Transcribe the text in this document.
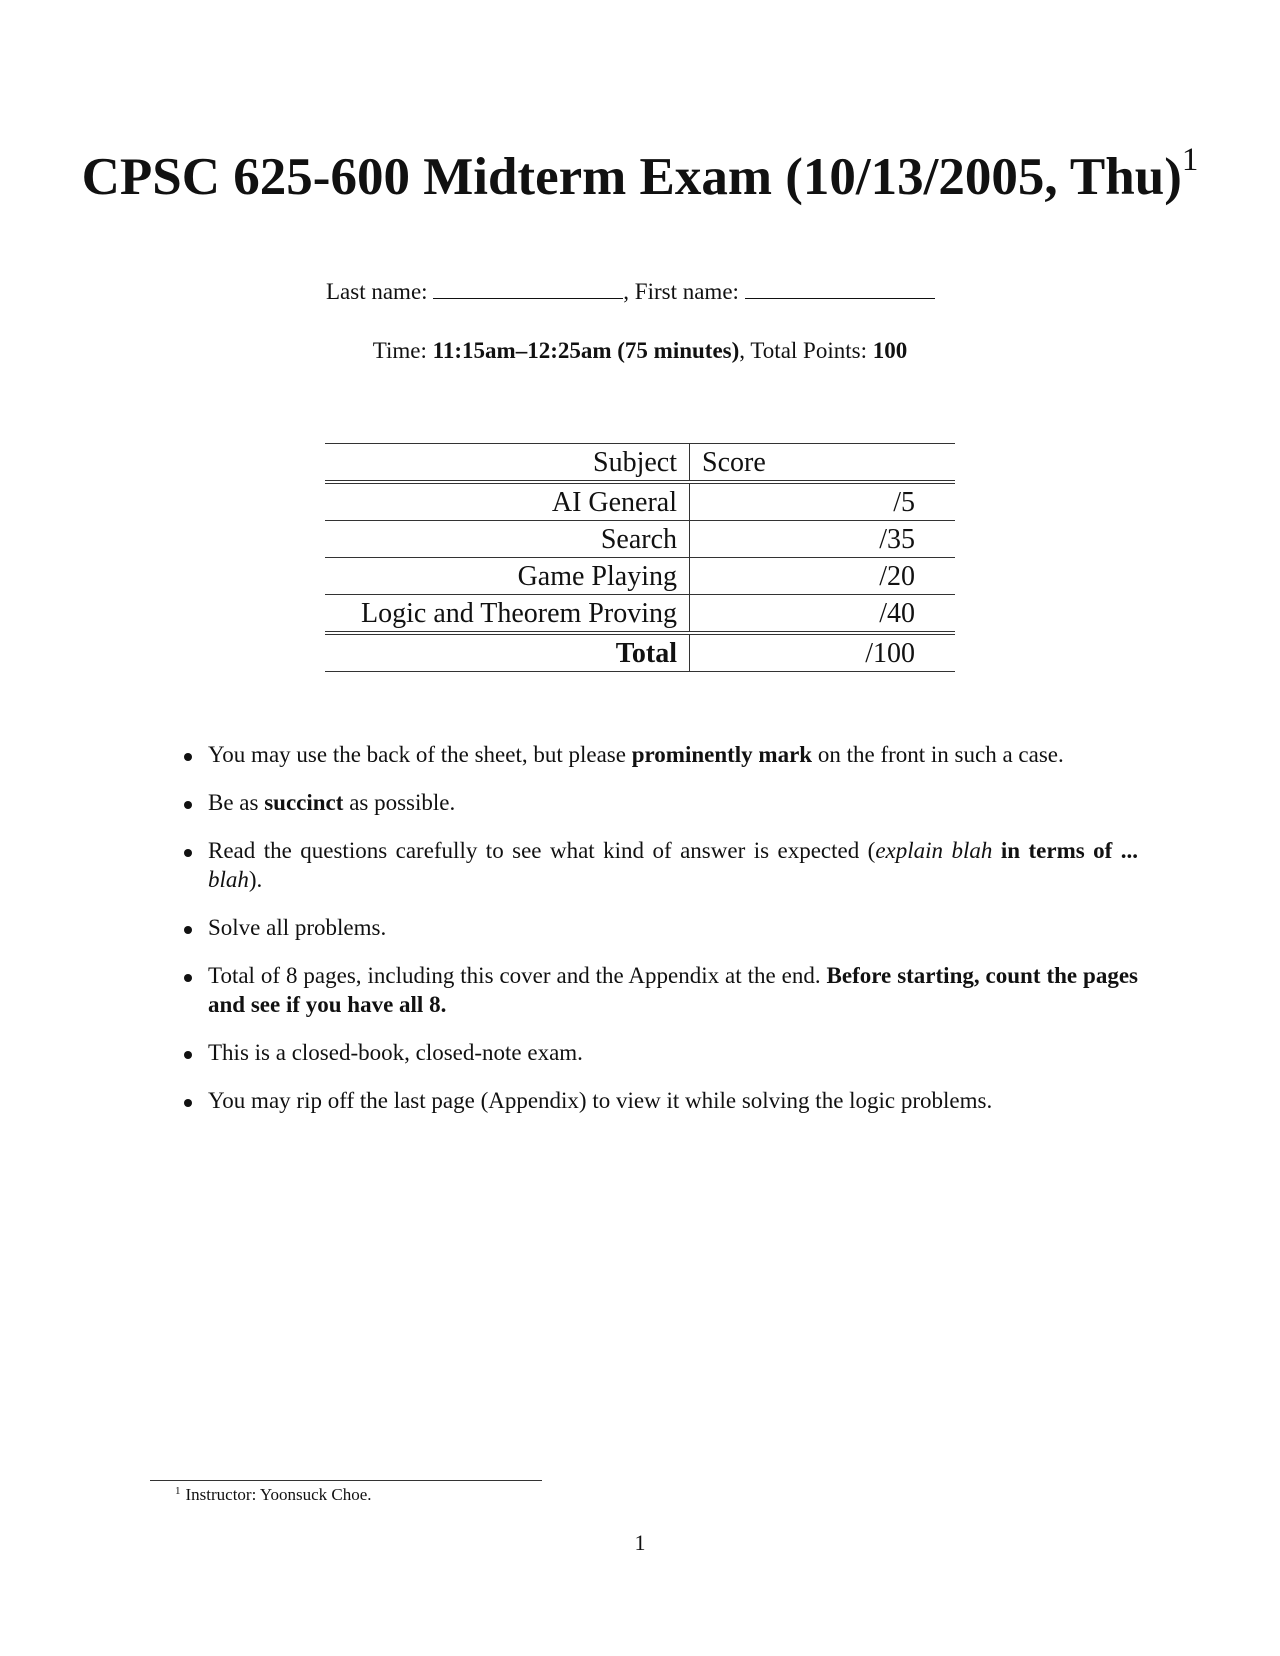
CPSC 625-600 Midterm Exam (10/13/2005, Thu)$^1$
Last name:	, First name:
Time: 11:15am–12:25am (75 minutes), Total Points: 100
Subject	Score
AI General	/5
Search	/35
Game Playing	/20
Logic and Theorem Proving	/40
Total	/100
You may use the back of the sheet, but please prominently mark on the front in such a case.
Be as succinct as possible.
Read the questions carefully to see what kind of answer is expected (explain blah in terms of ... blah).
Solve all problems.
Total of 8 pages, including this cover and the Appendix at the end. Before starting, count the pages and see if you have all 8.
This is a closed-book, closed-note exam.
You may rip off the last page (Appendix) to view it while solving the logic problems.
$^1$ Instructor: Yoonsuck Choe.
1
